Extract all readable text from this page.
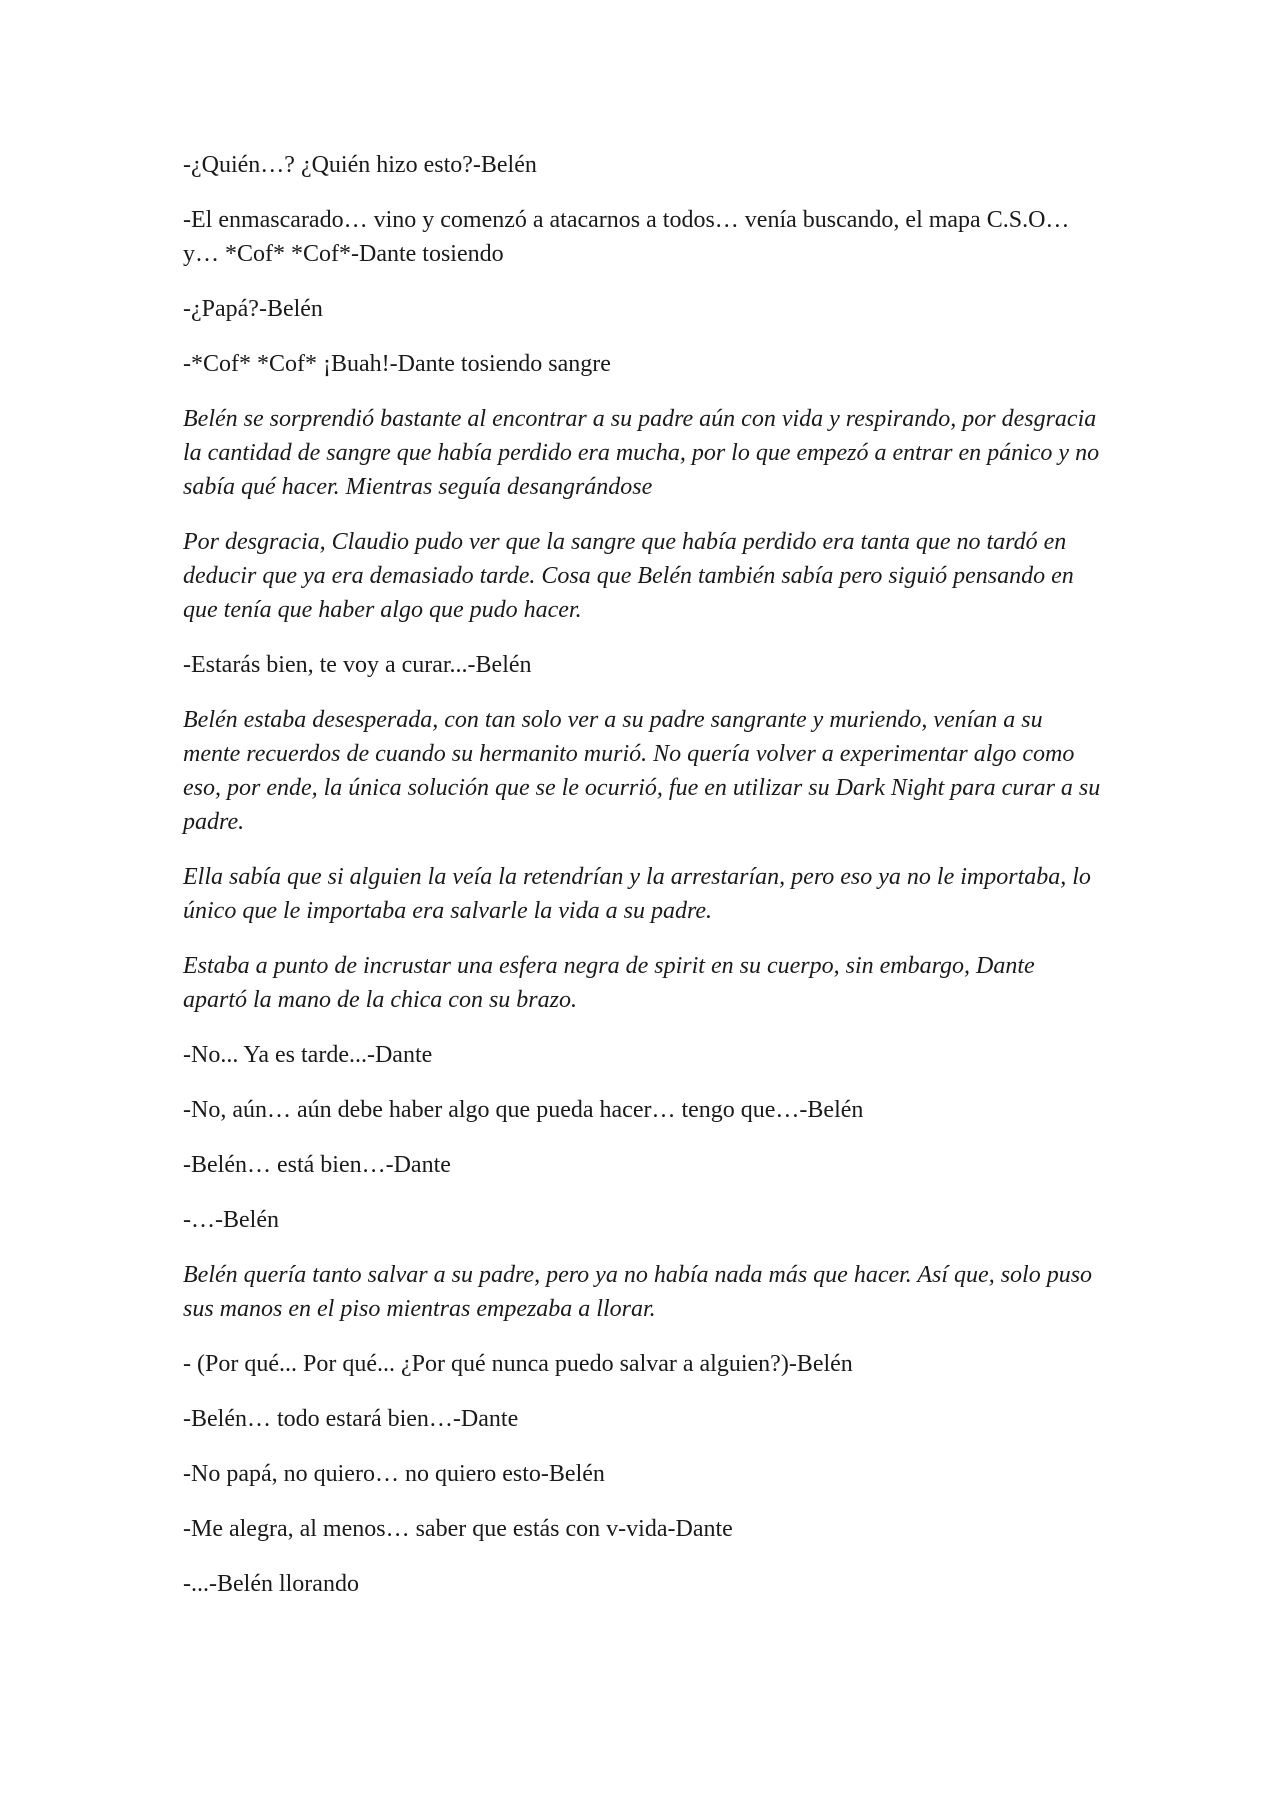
-¿Quién…? ¿Quién hizo esto?-Belén

-El enmascarado… vino y comenzó a atacarnos a todos… venía buscando, el mapa C.S.O… y… *Cof* *Cof*-Dante tosiendo

-¿Papá?-Belén

-*Cof* *Cof* ¡Buah!-Dante tosiendo sangre

Belén se sorprendió bastante al encontrar a su padre aún con vida y respirando, por desgracia la cantidad de sangre que había perdido era mucha, por lo que empezó a entrar en pánico y no sabía qué hacer. Mientras seguía desangrándose

Por desgracia, Claudio pudo ver que la sangre que había perdido era tanta que no tardó en deducir que ya era demasiado tarde. Cosa que Belén también sabía pero siguió pensando en que tenía que haber algo que pudo hacer.

-Estarás bien, te voy a curar...-Belén

Belén estaba desesperada, con tan solo ver a su padre sangrante y muriendo, venían a su mente recuerdos de cuando su hermanito murió. No quería volver a experimentar algo como eso, por ende, la única solución que se le ocurrió, fue en utilizar su Dark Night para curar a su padre.

Ella sabía que si alguien la veía la retendrían y la arrestarían, pero eso ya no le importaba, lo único que le importaba era salvarle la vida a su padre.

Estaba a punto de incrustar una esfera negra de spirit en su cuerpo, sin embargo, Dante apartó la mano de la chica con su brazo.

-No... Ya es tarde...-Dante

-No, aún… aún debe haber algo que pueda hacer… tengo que…-Belén

-Belén… está bien…-Dante

-…-Belén

Belén quería tanto salvar a su padre, pero ya no había nada más que hacer. Así que, solo puso sus manos en el piso mientras empezaba a llorar.

- (Por qué... Por qué... ¿Por qué nunca puedo salvar a alguien?)-Belén

-Belén… todo estará bien…-Dante

-No papá, no quiero… no quiero esto-Belén

-Me alegra, al menos… saber que estás con v-vida-Dante

-...-Belén llorando
